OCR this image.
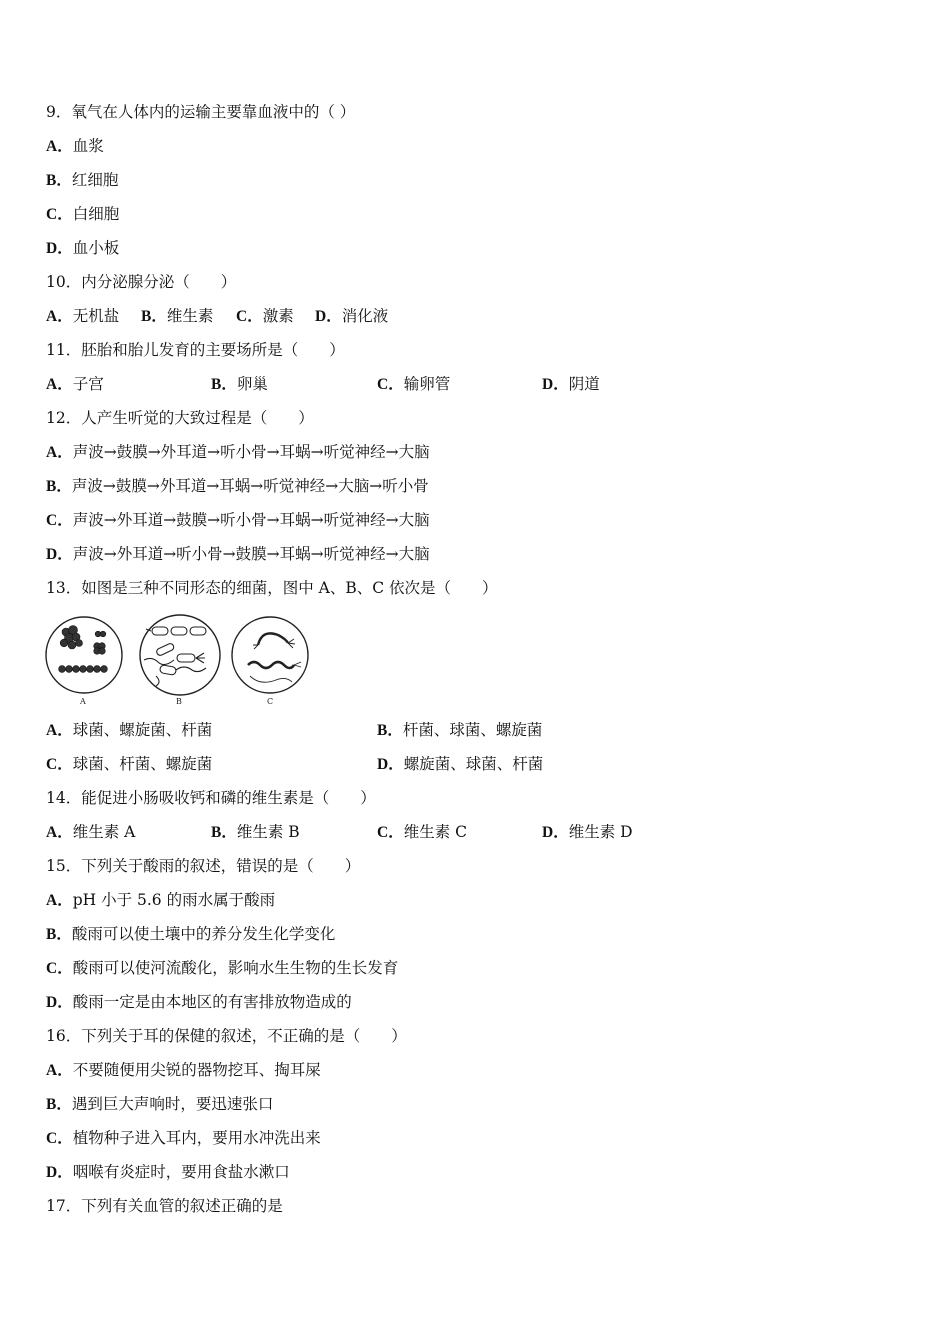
9．氧气在人体内的运输主要靠血液中的（ ）
A．血浆
B．红细胞
C．白细胞
D．血小板
10．内分泌腺分泌（　　）
A．无机盐 B．维生素 C．激素 D．消化液
11．胚胎和胎儿发育的主要场所是（　　）
A．子宫	B．卵巢	C．输卵管	D．阴道
12．人产生听觉的大致过程是（　　）
A．声波→鼓膜→外耳道→听小骨→耳蜗→听觉神经→大脑
B．声波→鼓膜→外耳道→耳蜗→听觉神经→大脑→听小骨
C．声波→外耳道→鼓膜→听小骨→耳蜗→听觉神经→大脑
D．声波→外耳道→听小骨→鼓膜→耳蜗→听觉神经→大脑
13．如图是三种不同形态的细菌，图中 A、B、C 依次是（　　）
A	B	C
A．球菌、螺旋菌、杆菌	B．杆菌、球菌、螺旋菌
C．球菌、杆菌、螺旋菌	D．螺旋菌、球菌、杆菌
14．能促进小肠吸收钙和磷的维生素是（　　）
A．维生素 A	B．维生素 B	C．维生素 C	D．维生素 D
15．下列关于酸雨的叙述，错误的是（　　）
A．pH 小于 5.6 的雨水属于酸雨
B．酸雨可以使土壤中的养分发生化学变化
C．酸雨可以使河流酸化，影响水生生物的生长发育
D．酸雨一定是由本地区的有害排放物造成的
16．下列关于耳的保健的叙述，不正确的是（　　）
A．不要随便用尖锐的器物挖耳、掏耳屎
B．遇到巨大声响时，要迅速张口
C．植物种子进入耳内，要用水冲洗出来
D．咽喉有炎症时，要用食盐水漱口
17．下列有关血管的叙述正确的是
